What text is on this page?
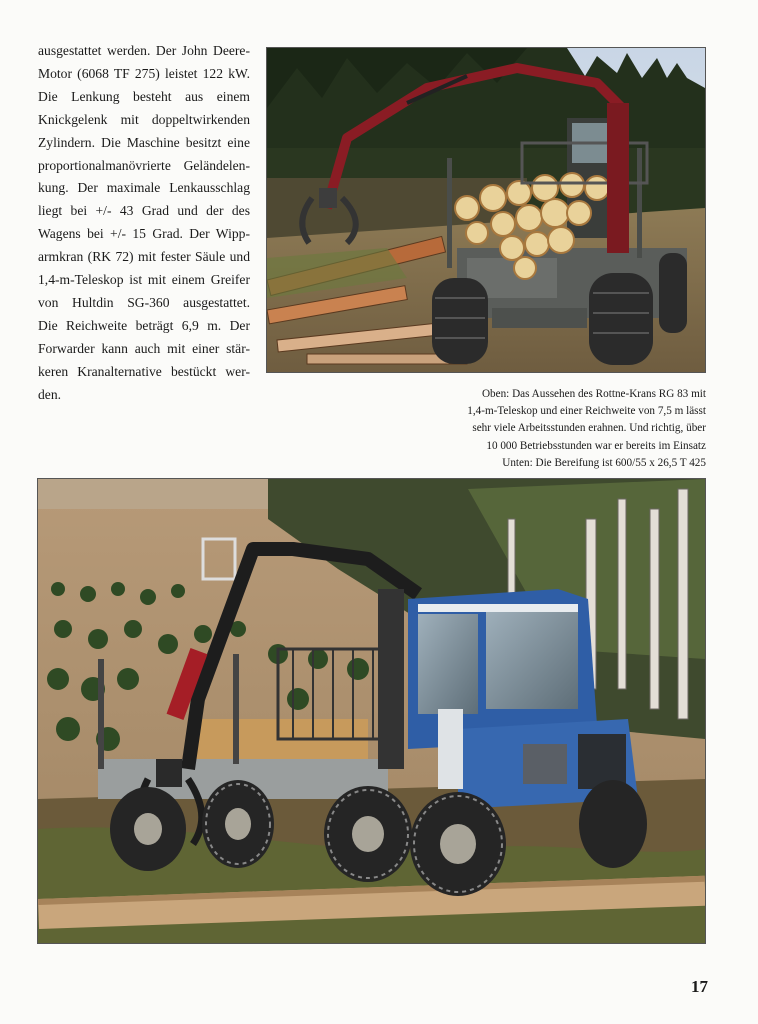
ausgestattet werden. Der John Deere-
Motor (6068 TF 275) leistet 122 kW.
Die Lenkung besteht aus einem
Knickgelenk mit doppeltwirkenden
Zylindern. Die Maschine besitzt eine
proportionalmanövrierte Geländelen-
kung. Der maximale Lenkausschlag
liegt bei +/- 43 Grad und der des
Wagens bei +/- 15 Grad. Der Wipp-
armkran (RK 72) mit fester Säule und
1,4-m-Teleskop ist mit einem Greifer
von Hultdin SG-360 ausgestattet.
Die Reichweite beträgt 6,9 m. Der
Forwarder kann auch mit einer stär-
keren Kranalternative bestückt wer-
den.	Oben: Das Aussehen des Rottne-Krans RG 83 mit
1,4-m-Teleskop und einer Reichweite von 7,5 m lässt
sehr viele Arbeitsstunden erahnen. Und richtig, über
10 000 Betriebsstunden war er bereits im Einsatz
Unten: Die Bereifung ist 600/55 x 26,5 T 425
17
